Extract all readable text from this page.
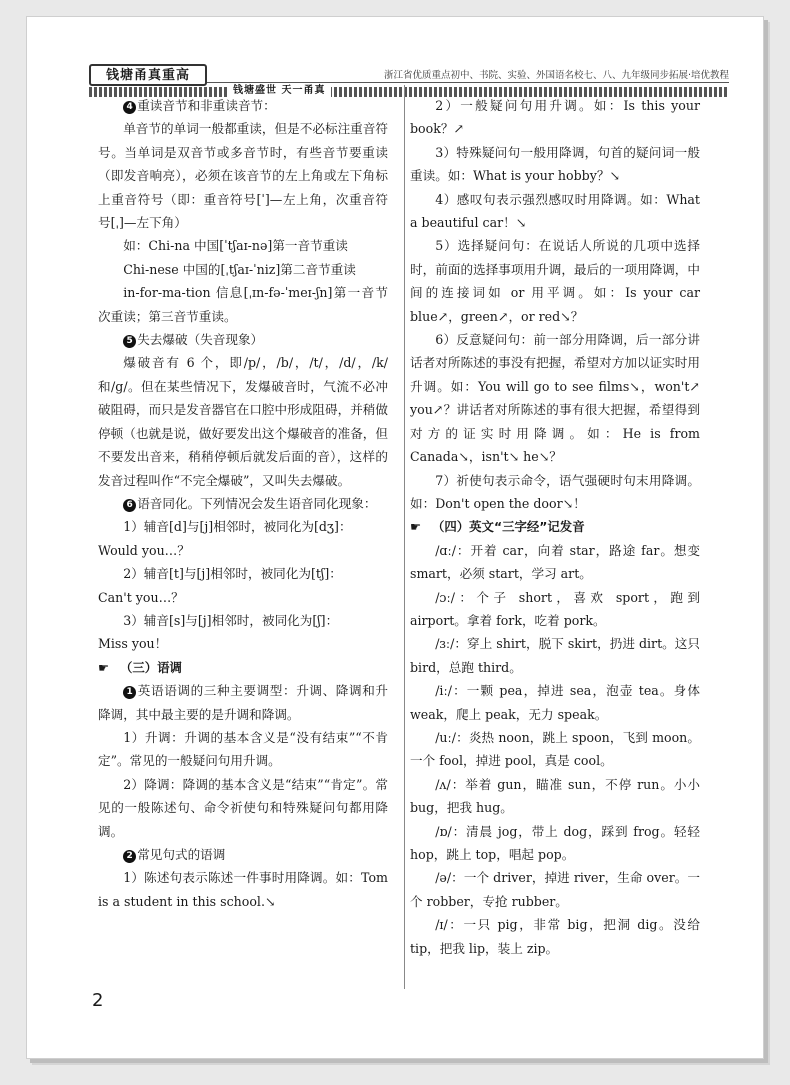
钱塘甬真重高
钱塘盛世 天一甬真
浙江省优质重点初中、书院、实验、外国语名校七、八、九年级同步拓展·培优教程

4 重读音节和非重读音节：

单音节的单词一般都重读，但是不必标注重音符号。当单词是双音节或多音节时，有些音节要重读（即发音响亮），必须在该音节的左上角或左下角标上重音符号（即：重音符号[ˈ]—左上角，次重音符号[ˌ]—左下角）

如：Chi-na 中国[ˈtʃaɪ-nə]第一音节重读

Chi-nese 中国的[ˌtʃaɪ-ˈniz]第二音节重读

in-for-ma-tion 信息[ˌɪn-fə-ˈmeɪ-ʃn]第一音节次重读；第三音节重读。

5 失去爆破（失音现象）

爆破音有 6 个，即/p/，/b/，/t/，/d/，/k/和/g/。但在某些情况下，发爆破音时，气流不必冲破阻碍，而只是发音器官在口腔中形成阻碍，并稍做停顿（也就是说，做好要发出这个爆破音的准备，但不要发出音来，稍稍停顿后就发后面的音），这样的发音过程叫作“不完全爆破”，又叫失去爆破。

6 语音同化。下列情况会发生语音同化现象：

1）辅音[d]与[j]相邻时，被同化为[dʒ]：

Would you…？

2）辅音[t]与[j]相邻时，被同化为[tʃ]：

Can't you…？

3）辅音[s]与[j]相邻时，被同化为[ʃ]：

Miss you！

☛ （三）语调

1 英语语调的三种主要调型：升调、降调和升降调，其中最主要的是升调和降调。

1）升调：升调的基本含义是“没有结束”“不肯定”。常见的一般疑问句用升调。

2）降调：降调的基本含义是“结束”“肯定”。常见的一般陈述句、命令祈使句和特殊疑问句都用降调。

2 常见句式的语调

1）陈述句表示陈述一件事时用降调。如：Tom is a student in this school.↘

2）一般疑问句用升调。如：Is this your book？↗

3）特殊疑问句一般用降调，句首的疑问词一般重读。如：What is your hobby？↘

4）感叹句表示强烈感叹时用降调。如：What a beautiful car！↘

5）选择疑问句：在说话人所说的几项中选择时，前面的选择事项用升调，最后的一项用降调，中间的连接词如 or 用平调。如：Is your car blue↗，green↗，or red↘？

6）反意疑问句：前一部分用降调，后一部分讲话者对所陈述的事没有把握，希望对方加以证实时用升调。如：You will go to see films↘，won't↗ you↗？讲话者对所陈述的事有很大把握，希望得到对方的证实时用降调。如：He is from Canada↘，isn't↘ he↘？

7）祈使句表示命令，语气强硬时句末用降调。如：Don't open the door↘！

☛ （四）英文“三字经”记发音

/ɑː/：开着 car，向着 star，路途 far。想变 smart，必须 start，学习 art。

/ɔː/：个子 short，喜欢 sport，跑到 airport。拿着 fork，吃着 pork。

/ɜː/：穿上 shirt，脱下 skirt，扔进 dirt。这只 bird，总跑 third。

/iː/：一颗 pea，掉进 sea，泡壶 tea。身体 weak，爬上 peak，无力 speak。

/uː/：炎热 noon，跳上 spoon，飞到 moon。一个 fool，掉进 pool，真是 cool。

/ʌ/：举着 gun，瞄准 sun，不停 run。小小 bug，把我 hug。

/ɒ/：清晨 jog，带上 dog，踩到 frog。轻轻 hop，跳上 top，唱起 pop。

/ə/：一个 driver，掉进 river，生命 over。一个 robber，专抢 rubber。

/ɪ/：一只 pig，非常 big，把洞 dig。没给 tip，把我 lip，装上 zip。

2
